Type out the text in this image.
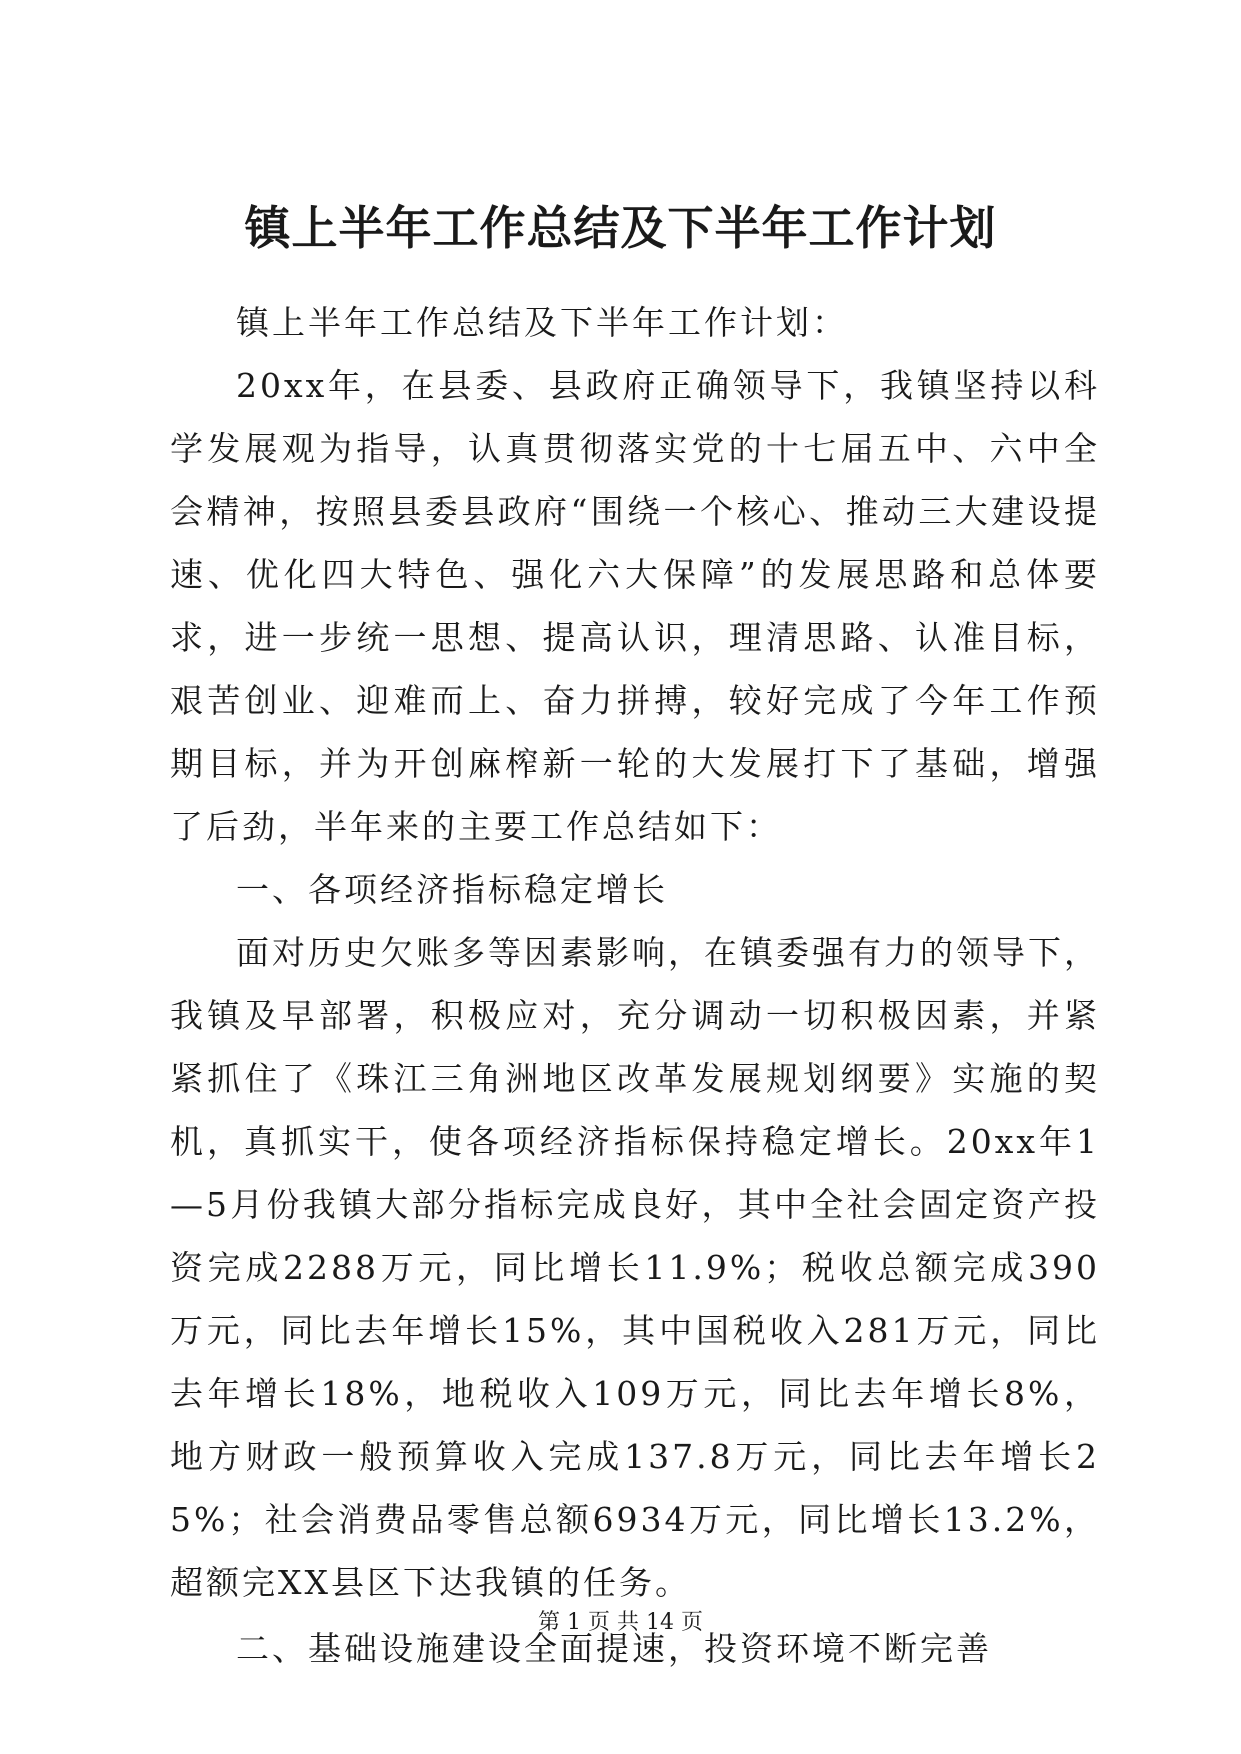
镇上半年工作总结及下半年工作计划

镇上半年工作总结及下半年工作计划：

20xx年，在县委、县政府正确领导下，我镇坚持以科学发展观为指导，认真贯彻落实党的十七届五中、六中全会精神，按照县委县政府“围绕一个核心、推动三大建设提速、优化四大特色、强化六大保障”的发展思路和总体要求，进一步统一思想、提高认识，理清思路、认准目标，艰苦创业、迎难而上、奋力拼搏，较好完成了今年工作预期目标，并为开创麻榨新一轮的大发展打下了基础，增强了后劲，半年来的主要工作总结如下：

一、各项经济指标稳定增长

面对历史欠账多等因素影响，在镇委强有力的领导下，我镇及早部署，积极应对，充分调动一切积极因素，并紧紧抓住了《珠江三角洲地区改革发展规划纲要》实施的契机，真抓实干，使各项经济指标保持稳定增长。20xx年1—5月份我镇大部分指标完成良好，其中全社会固定资产投资完成2288万元，同比增长11.9%；税收总额完成390万元，同比去年增长15%，其中国税收入281万元，同比去年增长18%，地税收入109万元，同比去年增长8%，地方财政一般预算收入完成137.8万元，同比去年增长25%；社会消费品零售总额6934万元，同比增长13.2%，超额完XX县区下达我镇的任务。

二、基础设施建设全面提速，投资环境不断完善

第 1 页 共 14 页
